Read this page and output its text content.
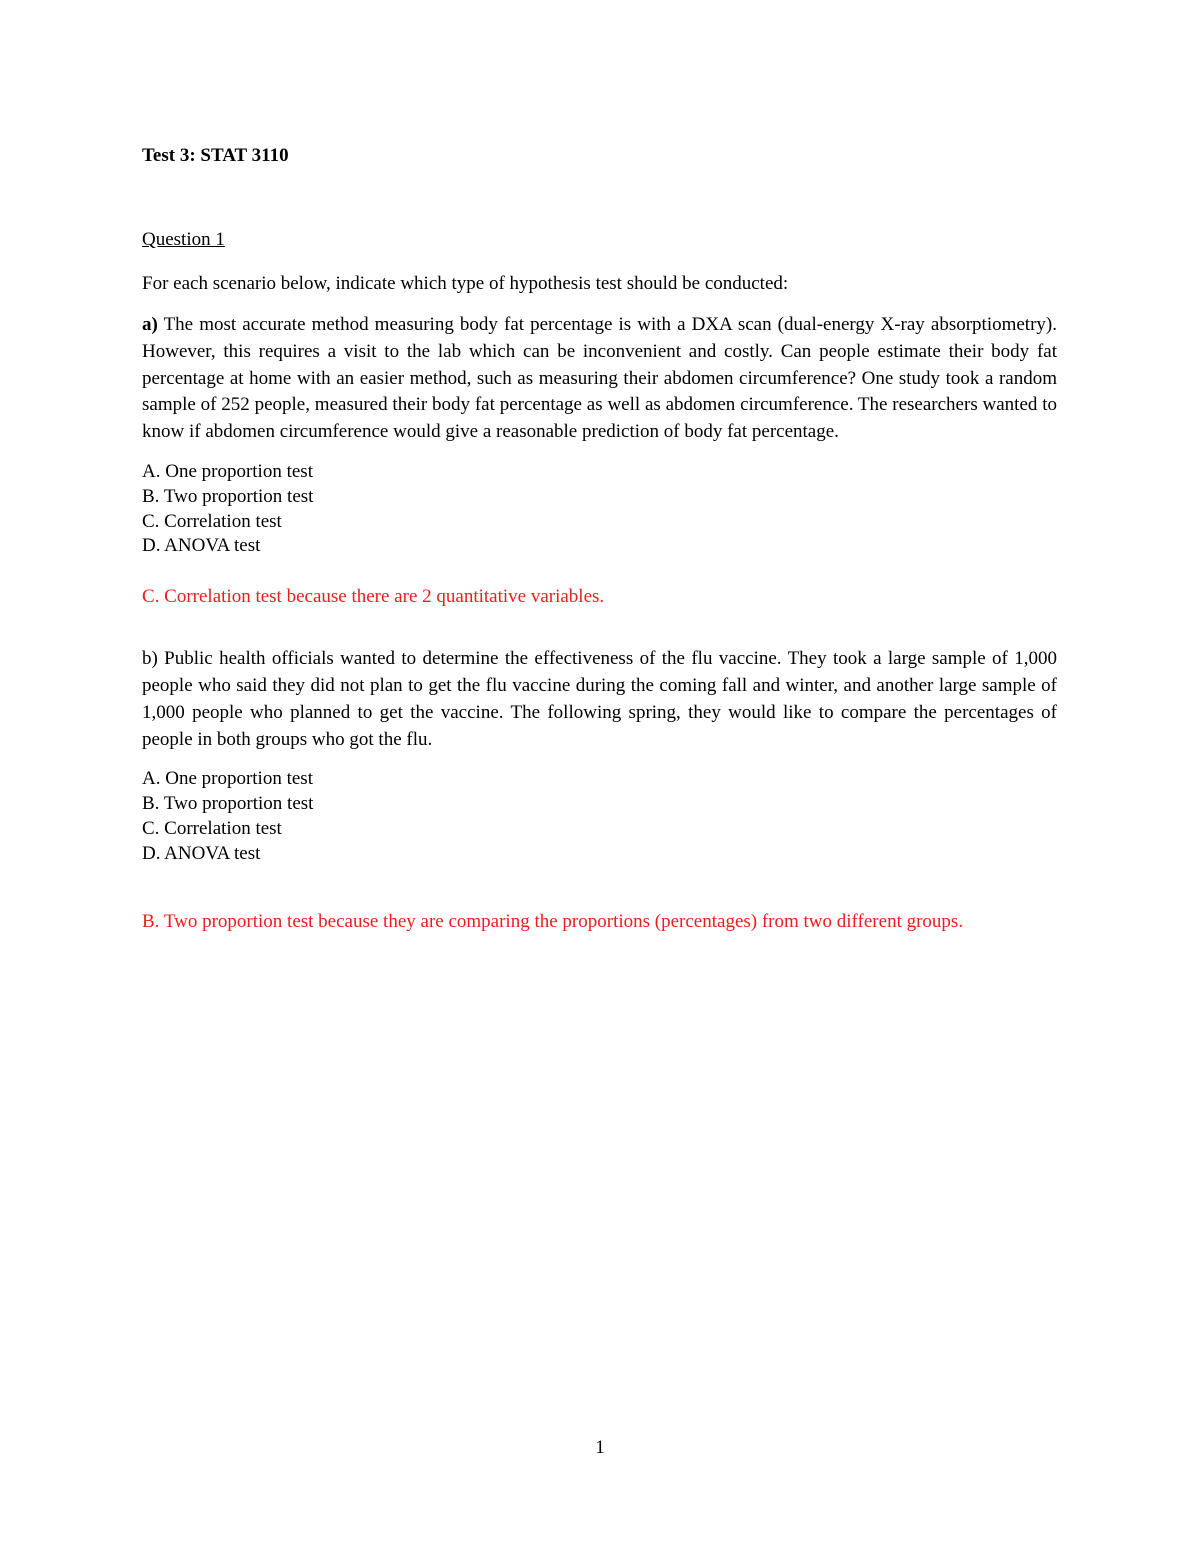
Test 3: STAT 3110

Question 1

For each scenario below, indicate which type of hypothesis test should be conducted:

a) The most accurate method measuring body fat percentage is with a DXA scan (dual-energy X-ray absorptiometry). However, this requires a visit to the lab which can be inconvenient and costly. Can people estimate their body fat percentage at home with an easier method, such as measuring their abdomen circumference? One study took a random sample of 252 people, measured their body fat percentage as well as abdomen circumference. The researchers wanted to know if abdomen circumference would give a reasonable prediction of body fat percentage.

A. One proportion test
B. Two proportion test
C. Correlation test
D. ANOVA test

C. Correlation test because there are 2 quantitative variables.

b) Public health officials wanted to determine the effectiveness of the flu vaccine. They took a large sample of 1,000 people who said they did not plan to get the flu vaccine during the coming fall and winter, and another large sample of 1,000 people who planned to get the vaccine. The following spring, they would like to compare the percentages of people in both groups who got the flu.

A. One proportion test
B. Two proportion test
C. Correlation test
D. ANOVA test

B. Two proportion test because they are comparing the proportions (percentages) from two different groups.

1
